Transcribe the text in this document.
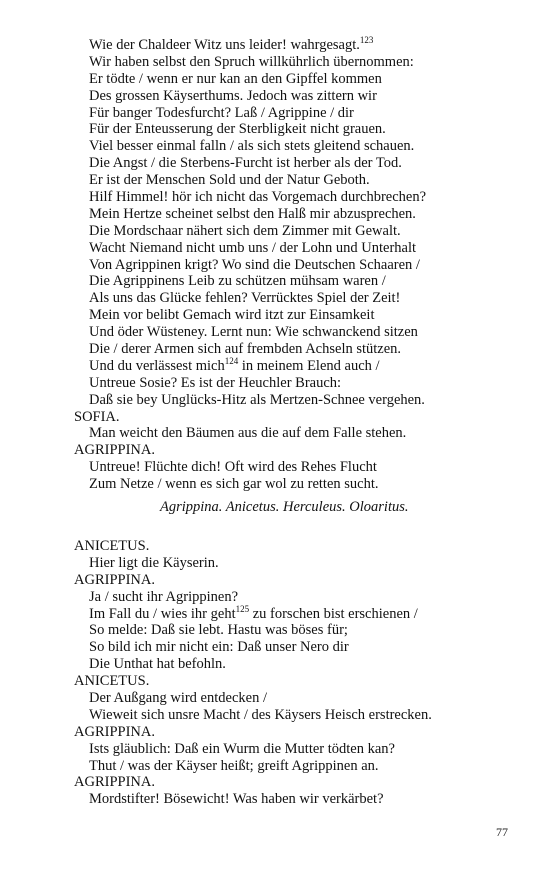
Wie der Chaldeer Witz uns leider! wahrgesagt.$^{123}$
Wir haben selbst den Spruch willkührlich übernommen:
Er tödte / wenn er nur kan an den Gipffel kommen
Des grossen Käyserthums. Jedoch was zittern wir
Für banger Todesfurcht? Laß / Agrippine / dir
Für der Enteusserung der Sterbligkeit nicht grauen.
Viel besser einmal falln / als sich stets gleitend schauen.
Die Angst / die Sterbens-Furcht ist herber als der Tod.
Er ist der Menschen Sold und der Natur Geboth.
Hilf Himmel! hör ich nicht das Vorgemach durchbrechen?
Mein Hertze scheinet selbst den Halß mir abzusprechen.
Die Mordschaar nähert sich dem Zimmer mit Gewalt.
Wacht Niemand nicht umb uns / der Lohn und Unterhalt
Von Agrippinen krigt? Wo sind die Deutschen Schaaren /
Die Agrippinens Leib zu schützen mühsam waren /
Als uns das Glücke fehlen? Verrücktes Spiel der Zeit!
Mein vor belibt Gemach wird itzt zur Einsamkeit
Und öder Wüsteney. Lernt nun: Wie schwanckend sitzen
Die / derer Armen sich auf frembden Achseln stützen.
Und du verlässest mich$^{124}$ in meinem Elend auch /
Untreue Sosie? Es ist der Heuchler Brauch:
Daß sie bey Unglücks-Hitz als Mertzen-Schnee vergehen.
SOFIA.
Man weicht den Bäumen aus die auf dem Falle stehen.
AGRIPPINA.
Untreue! Flüchte dich! Oft wird des Rehes Flucht
Zum Netze / wenn es sich gar wol zu retten sucht.
Agrippina. Anicetus. Herculeus. Oloaritus.
ANICETUS.
Hier ligt die Käyserin.
AGRIPPINA.
Ja / sucht ihr Agrippinen?
Im Fall du / wies ihr geht$^{125}$ zu forschen bist erschienen /
So melde: Daß sie lebt. Hastu was böses für;
So bild ich mir nicht ein: Daß unser Nero dir
Die Unthat hat befohln.
ANICETUS.
Der Außgang wird entdecken /
Wieweit sich unsre Macht / des Käysers Heisch erstrecken.
AGRIPPINA.
Ists gläublich: Daß ein Wurm die Mutter tödten kan?
Thut / was der Käyser heißt; greift Agrippinen an.
AGRIPPINA.
Mordstifter! Bösewicht! Was haben wir verkärbet?
77
